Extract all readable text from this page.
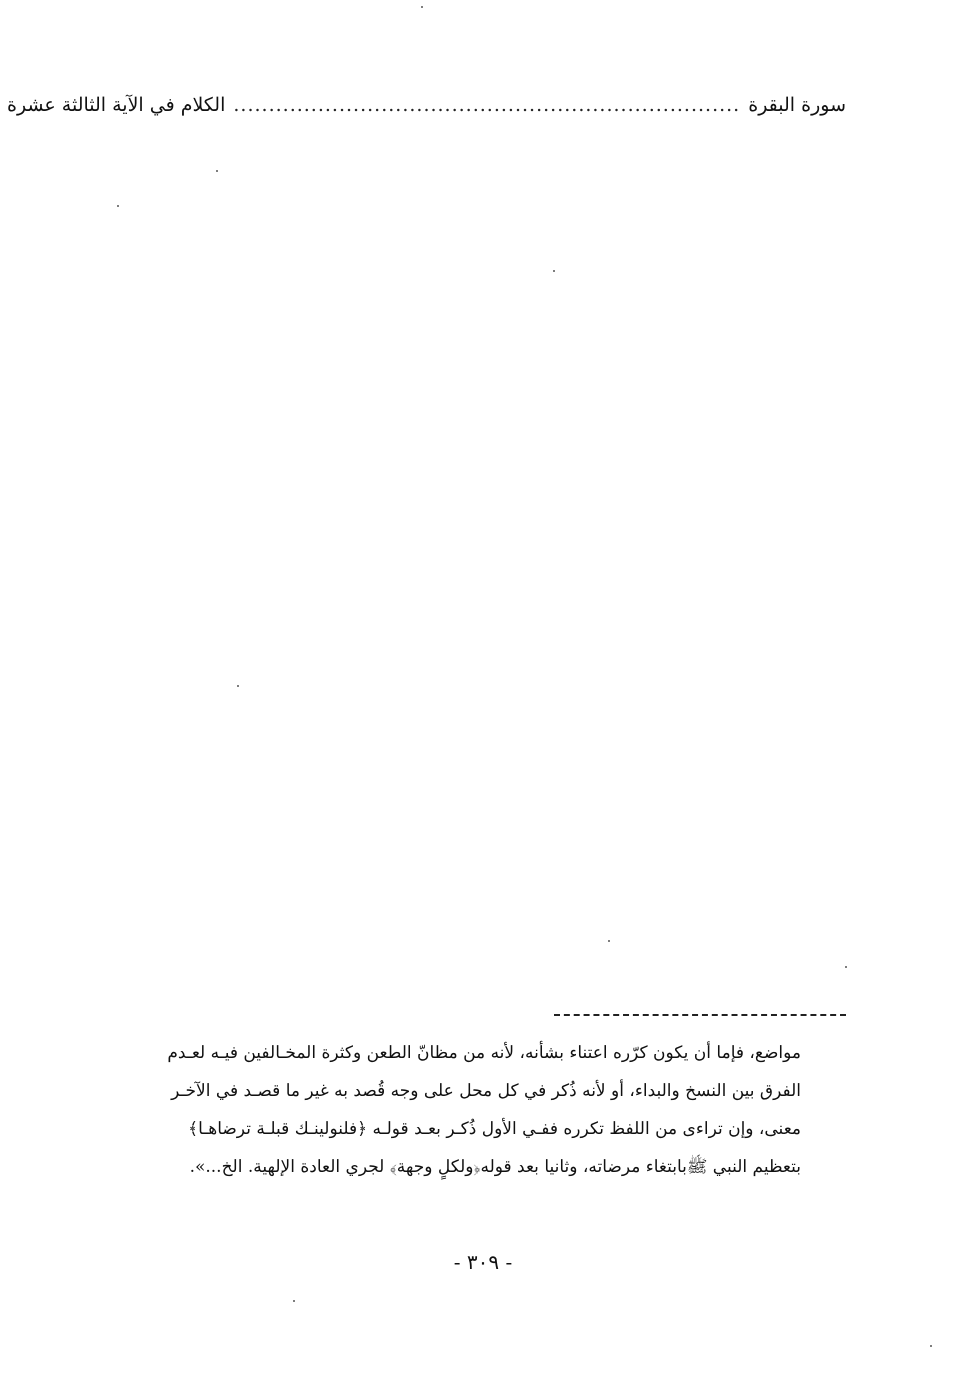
سورة البقرة
........................................................................
الكلام في الآية الثالثة عشرة
مواضع، فإما أن يكون كرّره اعتناء بشأنه، لأنه من مظانّ الطعن وكثرة المخـالفين فيـه لعـدم
الفرق بين النسخ والبداء، أو لأنه ذُكر في كل محل على وجه قُصد به غير ما قصـد في الآخـر
معنى، وإن تراءى من اللفظ تكرره ففـي الأول ذُكـر بعـد قولـه ﴿فلنولينـك قبلـة ترضاهـا﴾
بتعظيم النبي ﷺبابتغاء مرضاته، وثانيا بعد قوله﴿ولكلٍ وجهة﴾ لجري العادة الإلهية. الخ...».
- ٣٠٩ -
